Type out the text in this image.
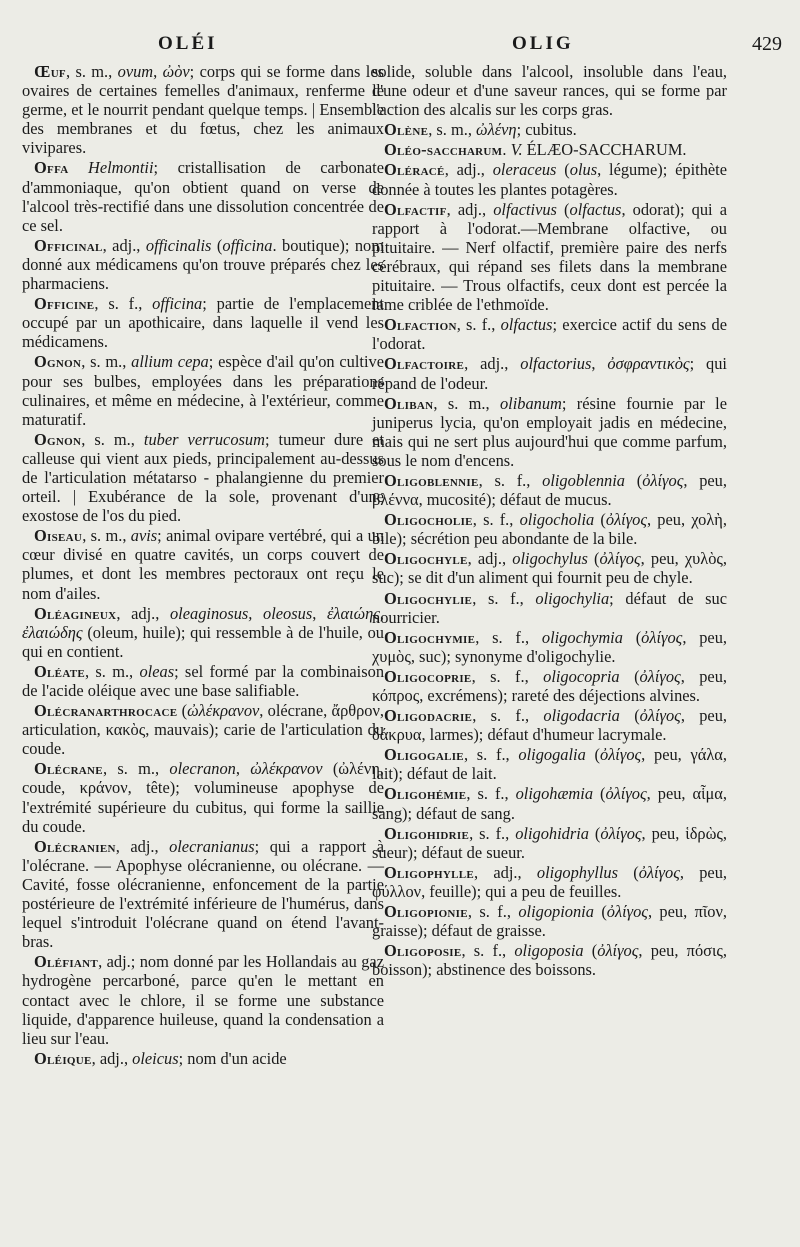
OLÉI	OLIG	429

Œuf, s. m., ovum, ὠὸν; corps qui se forme dans les ovaires de certaines femelles d'animaux, renferme le germe, et le nourrit pendant quelque temps. | Ensemble des membranes et du fœtus, chez les animaux vivipares.

Offa Helmontii; cristallisation de carbonate d'ammoniaque, qu'on obtient quand on verse de l'alcool très-rectifié dans une dissolution concentrée de ce sel.

Officinal, adj., officinalis (officina. boutique); nom donné aux médicamens qu'on trouve préparés chez les pharmaciens.

Officine, s. f., officina; partie de l'emplacement occupé par un apothicaire, dans laquelle il vend les médicamens.

Ognon, s. m., allium cepa; espèce d'ail qu'on cultive pour ses bulbes, employées dans les préparations culinaires, et même en médecine, à l'extérieur, comme maturatif.

Ognon, s. m., tuber verrucosum; tumeur dure et calleuse qui vient aux pieds, principalement au-dessus de l'articulation métatarso - phalangienne du premier orteil. | Exubérance de la sole, provenant d'une exostose de l'os du pied.

Oiseau, s. m., avis; animal ovipare vertébré, qui a un cœur divisé en quatre cavités, un corps couvert de plumes, et dont les membres pectoraux ont reçu le nom d'ailes.

Oléagineux, adj., oleaginosus, oleosus, ἐλαιώης, ἐλαιώδης (oleum, huile); qui ressemble à de l'huile, ou qui en contient.

Oléate, s. m., oleas; sel formé par la combinaison de l'acide oléique avec une base salifiable.

Olécranarthrocace (ὠλέκρανον, olécrane, ἄρθρον, articulation, κακὸς, mauvais); carie de l'articulation du coude.

Olécrane, s. m., olecranon, ὠλέκρανον (ὠλένη, coude, κράνον, tête); volumineuse apophyse de l'extrémité supérieure du cubitus, qui forme la saillie du coude.

Olécranien, adj., olecranianus; qui a rapport à l'olécrane. — Apophyse olécranienne, ou olécrane. — Cavité, fosse olécranienne, enfoncement de la partie postérieure de l'extrémité inférieure de l'humérus, dans lequel s'introduit l'olécrane quand on étend l'avant-bras.

Oléfiant, adj.; nom donné par les Hollandais au gaz hydrogène percarboné, parce qu'en le mettant en contact avec le chlore, il se forme une substance liquide, d'apparence huileuse, quand la condensation a lieu sur l'eau.

Oléique, adj., oleicus; nom d'un acide

solide, soluble dans l'alcool, insoluble dans l'eau, d'une odeur et d'une saveur rances, qui se forme par l'action des alcalis sur les corps gras.

Olène, s. m., ὠλένη; cubitus.

Oléo-saccharum. V. ÉLÆO-SACCHARUM.

Oléracé, adj., oleraceus (olus, légume); épithète donnée à toutes les plantes potagères.

Olfactif, adj., olfactivus (olfactus, odorat); qui a rapport à l'odorat.—Membrane olfactive, ou pituitaire. — Nerf olfactif, première paire des nerfs cérébraux, qui répand ses filets dans la membrane pituitaire. — Trous olfactifs, ceux dont est percée la lame criblée de l'ethmoïde.

Olfaction, s. f., olfactus; exercice actif du sens de l'odorat.

Olfactoire, adj., olfactorius, ὀσφραντικὸς; qui répand de l'odeur.

Oliban, s. m., olibanum; résine fournie par le juniperus lycia, qu'on employait jadis en médecine, mais qui ne sert plus aujourd'hui que comme parfum, sous le nom d'encens.

Oligoblennie, s. f., oligoblennia (ὀλίγος, peu, βλέννα, mucosité); défaut de mucus.

Oligocholie, s. f., oligocholia (ὀλίγος, peu, χολὴ, bile); sécrétion peu abondante de la bile.

Oligochyle, adj., oligochylus (ὀλίγος, peu, χυλὸς, suc); se dit d'un aliment qui fournit peu de chyle.

Oligochylie, s. f., oligochylia; défaut de suc nourricier.

Oligochymie, s. f., oligochymia (ὀλίγος, peu, χυμὸς, suc); synonyme d'oligochylie.

Oligocoprie, s. f., oligocopria (ὀλίγος, peu, κόπρος, excrémens); rareté des déjections alvines.

Oligodacrie, s. f., oligodacria (ὀλίγος, peu, δάκρυα, larmes); défaut d'humeur lacrymale.

Oligogalie, s. f., oligogalia (ὀλίγος, peu, γάλα, lait); défaut de lait.

Oligohémie, s. f., oligohæmia (ὀλίγος, peu, αἷμα, sang); défaut de sang.

Oligohidrie, s. f., oligohidria (ὀλίγος, peu, ἱδρὼς, sueur); défaut de sueur.

Oligophylle, adj., oligophyllus (ὀλίγος, peu, φύλλον, feuille); qui a peu de feuilles.

Oligopionie, s. f., oligopionia (ὀλίγος, peu, πῖον, graisse); défaut de graisse.

Oligoposie, s. f., oligoposia (ὀλίγος, peu, πόσις, boisson); abstinence des boissons.
